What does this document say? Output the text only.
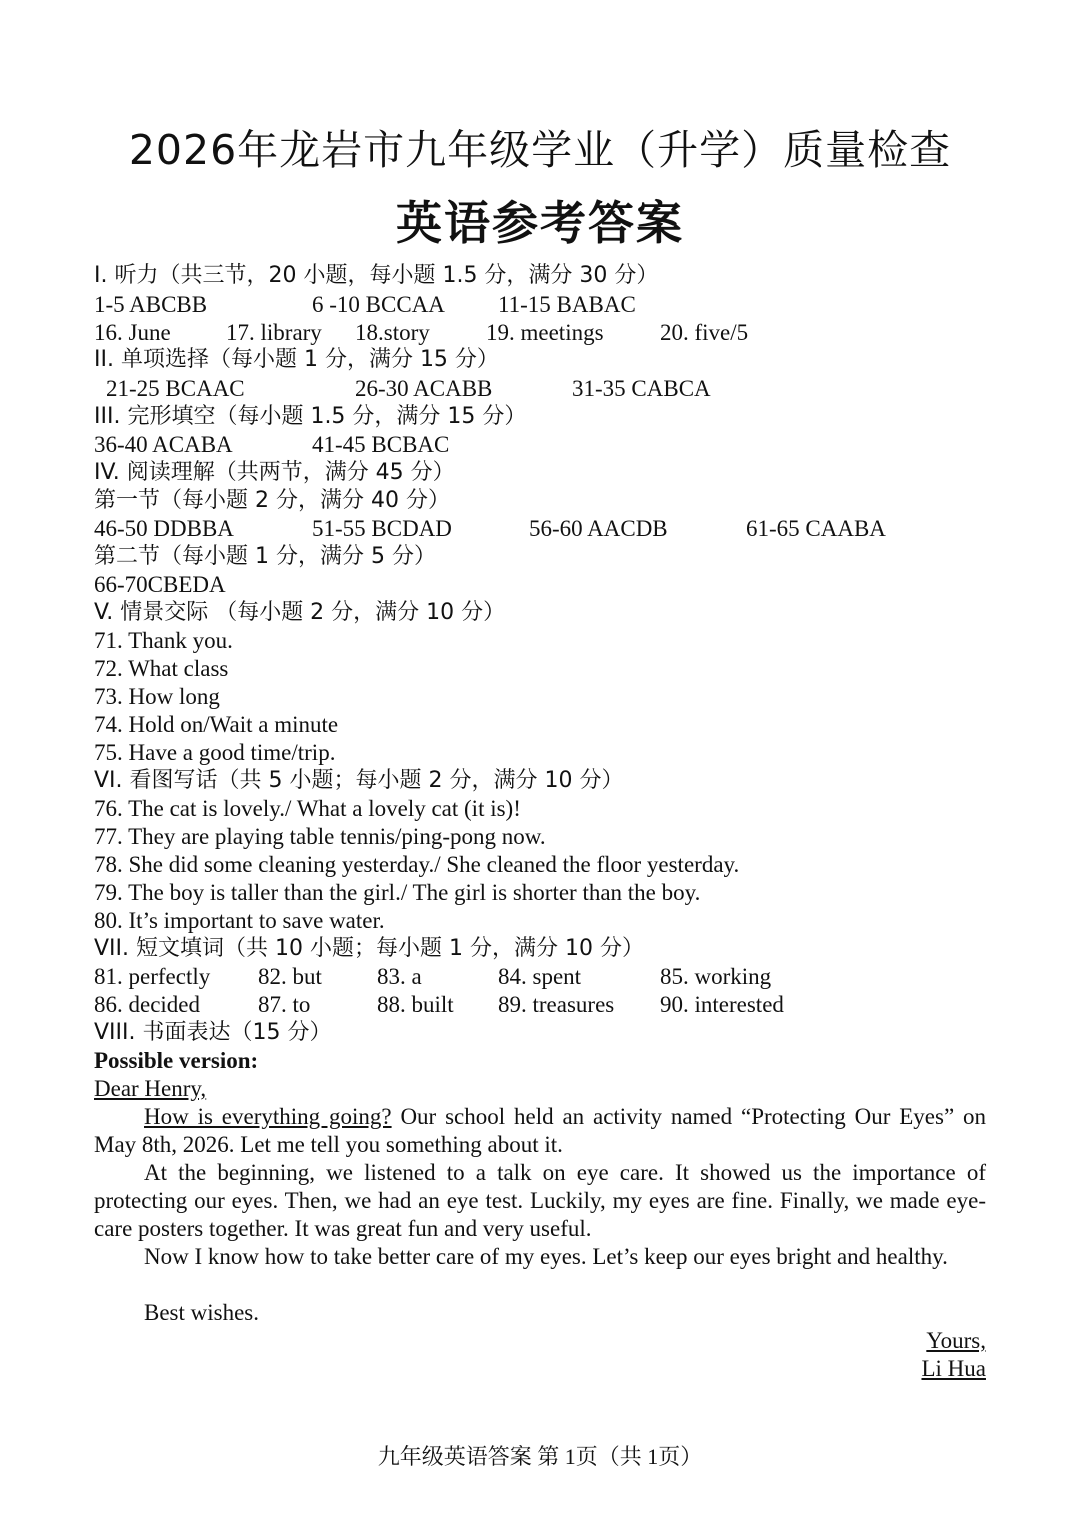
2026年龙岩市九年级学业（升学）质量检查
英语参考答案
I. 听力（共三节，20 小题，每小题 1.5 分，满分 30 分）
1-5 ABCBB	6 -10 BCCAA 11-15 BABAC
16. June 17. library 18.story 19. meetings 20. five/5
II. 单项选择（每小题 1 分，满分 15 分）
21-25 BCAAC	26-30 ACABB	31-35 CABCA
III. 完形填空（每小题 1.5 分，满分 15 分）
36-40 ACABA	41-45 BCBAC
IV. 阅读理解（共两节，满分 45 分）
第一节（每小题 2 分，满分 40 分）
46-50 DDBBA	51-55 BCDAD	56-60 AACDB	61-65 CAABA
第二节（每小题 1 分，满分 5 分）
66-70CBEDA
V. 情景交际 （每小题 2 分，满分 10 分）
71. Thank you.
72. What class
73. How long
74. Hold on/Wait a minute
75. Have a good time/trip.
VI. 看图写话（共 5 小题；每小题 2 分，满分 10 分）
76. The cat is lovely./ What a lovely cat (it is)!
77. They are playing table tennis/ping-pong now.
78. She did some cleaning yesterday./ She cleaned the floor yesterday.
79. The boy is taller than the girl./ The girl is shorter than the boy.
80. It’s important to save water.
VII. 短文填词（共 10 小题；每小题 1 分，满分 10 分）
81. perfectly 82. but 83. a	84. spent	85. working
86. decided	87. to	88. built 89. treasures 90. interested
VIII. 书面表达（15 分）
Possible version:
Dear Henry,
How is everything going? Our school held an activity named “Protecting Our Eyes” on May 8th, 2026. Let me tell you something about it.
At the beginning, we listened to a talk on eye care. It showed us the importance of protecting our eyes. Then, we had an eye test. Luckily, my eyes are fine. Finally, we made eye-care posters together. It was great fun and very useful.
Now I know how to take better care of my eyes. Let’s keep our eyes bright and healthy.
Best wishes.
Yours,
Li Hua
九年级英语答案 第 1页（共 1页）
